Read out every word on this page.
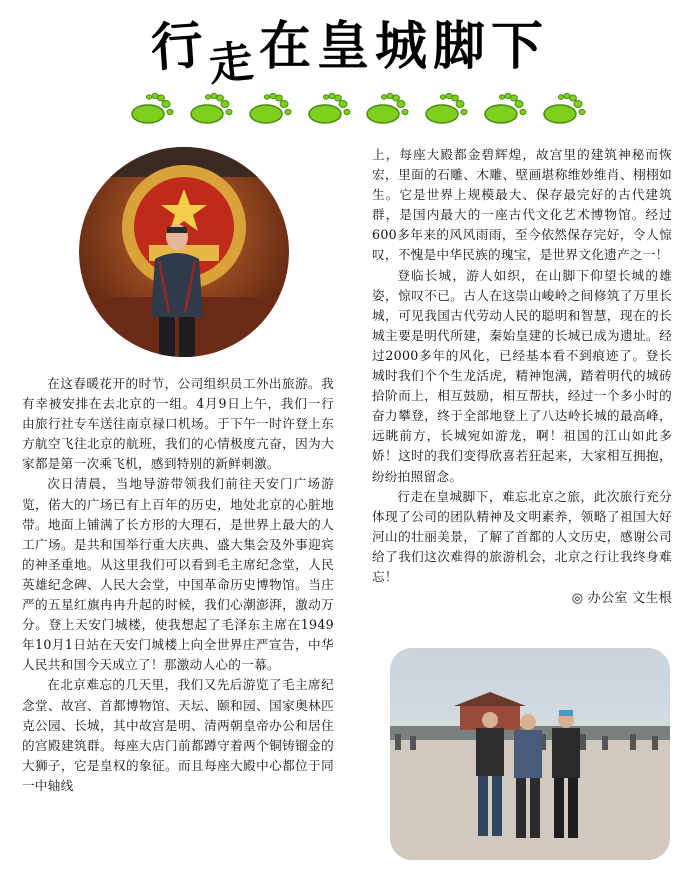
行走在皇城脚下

在这春暖花开的时节，公司组织员工外出旅游。我有幸被安排在去北京的一组。4月9日上午，我们一行由旅行社专车送往南京禄口机场。于下午一时许登上东方航空飞往北京的航班，我们的心情极度亢奋，因为大家都是第一次乘飞机，感到特别的新鲜刺激。

次日清晨，当地导游带领我们前往天安门广场游览，偌大的广场已有上百年的历史，地处北京的心脏地带。地面上铺满了长方形的大理石，是世界上最大的人工广场。是共和国举行重大庆典、盛大集会及外事迎宾的神圣重地。从这里我们可以看到毛主席纪念堂，人民英雄纪念碑、人民大会堂，中国革命历史博物馆。当庄严的五星红旗冉冉升起的时候，我们心潮澎湃，激动万分。登上天安门城楼，使我想起了毛泽东主席在1949年10月1日站在天安门城楼上向全世界庄严宣告，中华人民共和国今天成立了！那激动人心的一幕。

在北京难忘的几天里，我们又先后游览了毛主席纪念堂、故宫、首都博物馆、天坛、颐和园、国家奥林匹克公园、长城，其中故宫是明、清两朝皇帝办公和居住的宫殿建筑群。每座大店门前都蹲守着两个铜铸镏金的大狮子，它是皇权的象征。而且每座大殿中心都位于同一中轴线

上，每座大殿都金碧辉煌，故宫里的建筑神秘而恢宏，里面的石雕、木雕、壁画堪称维妙维肖、栩栩如生。它是世界上规模最大、保存最完好的古代建筑群，是国内最大的一座古代文化艺术博物馆。经过600多年来的风风雨雨，至今依然保存完好，令人惊叹，不愧是中华民族的瑰宝，是世界文化遗产之一！

登临长城，游人如织，在山脚下仰望长城的雄姿，惊叹不已。古人在这崇山峻岭之间修筑了万里长城，可见我国古代劳动人民的聪明和智慧，现在的长城主要是明代所建，秦始皇建的长城已成为遗址。经过2000多年的风化，已经基本看不到痕迹了。登长城时我们个个生龙活虎，精神饱满，踏着明代的城砖拾阶而上，相互鼓励，相互帮扶，经过一个多小时的奋力攀登，终于全部地登上了八达岭长城的最高峰，远眺前方，长城宛如游龙，啊！祖国的江山如此多娇！这时的我们变得欣喜若狂起来，大家相互拥抱，纷纷拍照留念。

行走在皇城脚下，难忘北京之旅，此次旅行充分体现了公司的团队精神及文明素养，领略了祖国大好河山的壮丽美景，了解了首都的人文历史，感谢公司给了我们这次难得的旅游机会，北京之行让我终身难忘！

◎ 办公室 文生根
